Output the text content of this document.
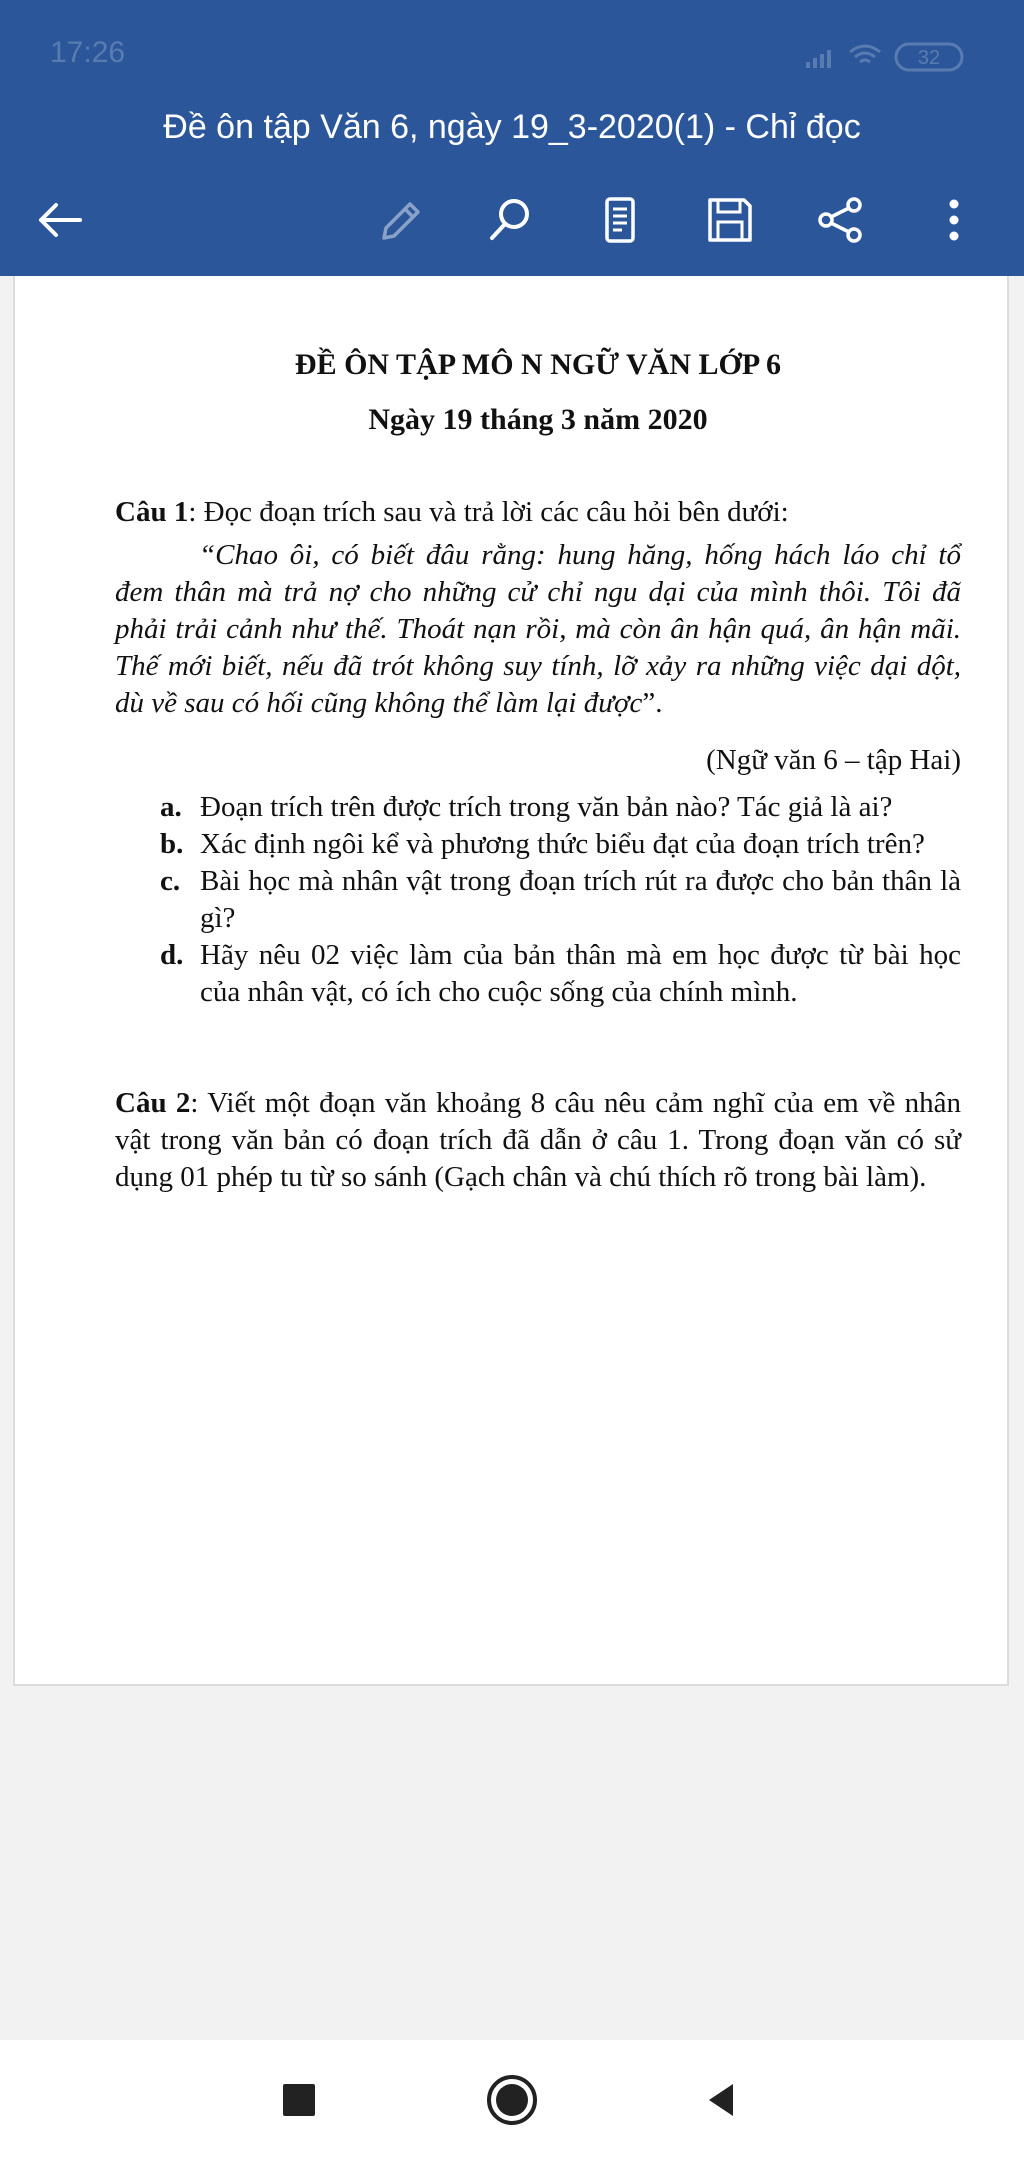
17:26	32
Đề ôn tập Văn 6, ngày 19_3-2020(1) - Chỉ đọc
ĐỀ ÔN TẬP MÔ N NGỮ VĂN LỚP 6
Ngày 19 tháng 3 năm 2020
Câu 1: Đọc đoạn trích sau và trả lời các câu hỏi bên dưới:
“Chao ôi, có biết đâu rằng: hung hăng, hống hách láo chỉ tổ đem thân mà trả nợ cho những cử chỉ ngu dại của mình thôi. Tôi đã phải trải cảnh như thế. Thoát nạn rồi, mà còn ân hận quá, ân hận mãi. Thế mới biết, nếu đã trót không suy tính, lỡ xảy ra những việc dại dột, dù về sau có hối cũng không thể làm lại được”.
(Ngữ văn 6 – tập Hai)
a. Đoạn trích trên được trích trong văn bản nào? Tác giả là ai?
b. Xác định ngôi kể và phương thức biểu đạt của đoạn trích trên?
c. Bài học mà nhân vật trong đoạn trích rút ra được cho bản thân là gì?
d. Hãy nêu 02 việc làm của bản thân mà em học được từ bài học của nhân vật, có ích cho cuộc sống của chính mình.
Câu 2: Viết một đoạn văn khoảng 8 câu nêu cảm nghĩ của em về nhân vật trong văn bản có đoạn trích đã dẫn ở câu 1. Trong đoạn văn có sử dụng 01 phép tu từ so sánh (Gạch chân và chú thích rõ trong bài làm).
